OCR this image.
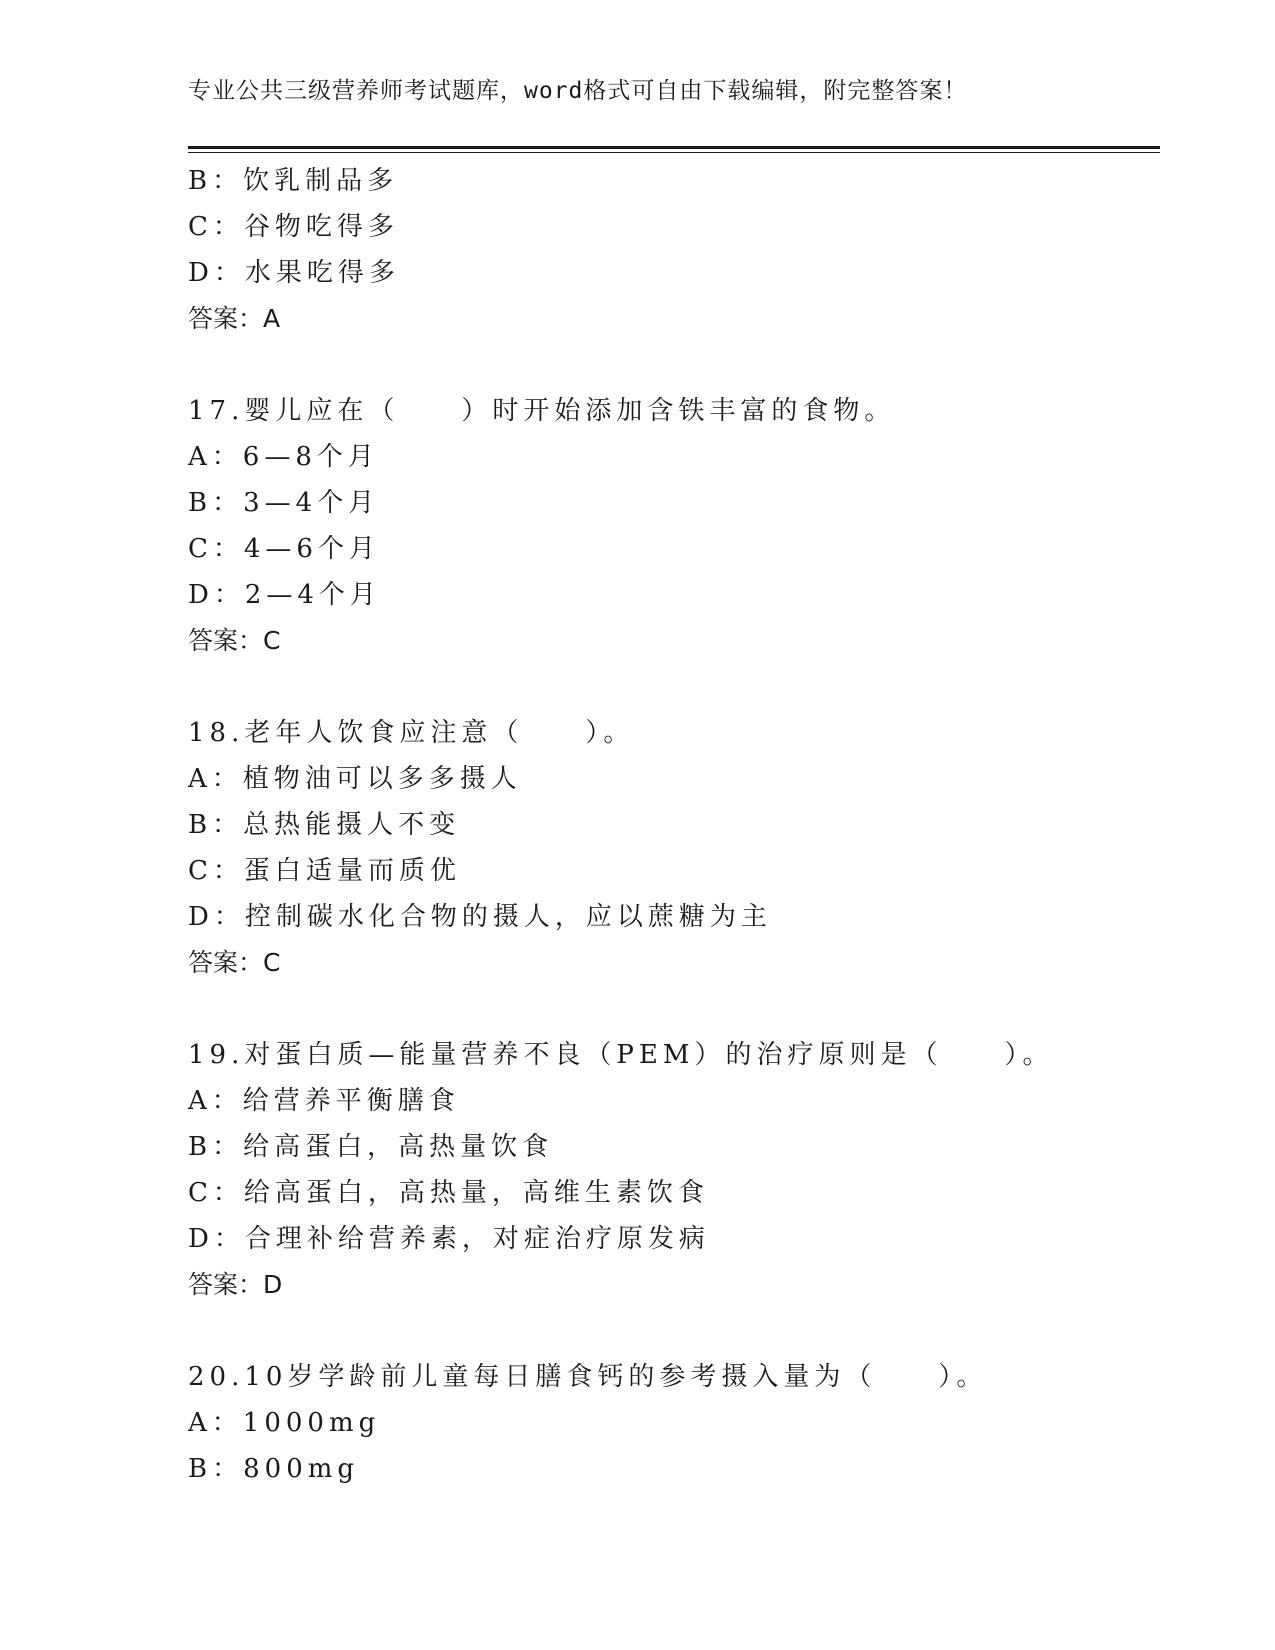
专业公共三级营养师考试题库，word格式可自由下载编辑，附完整答案！
B：饮乳制品多
C：谷物吃得多
D：水果吃得多
答案：A
17.婴儿应在（　　）时开始添加含铁丰富的食物。
A：6—8个月
B：3—4个月
C：4—6个月
D：2—4个月
答案：C
18.老年人饮食应注意（　　）。
A：植物油可以多多摄人
B：总热能摄人不变
C：蛋白适量而质优
D：控制碳水化合物的摄人，应以蔗糖为主
答案：C
19.对蛋白质—能量营养不良（PEM）的治疗原则是（　　）。
A：给营养平衡膳食
B：给高蛋白，高热量饮食
C：给高蛋白，高热量，高维生素饮食
D：合理补给营养素，对症治疗原发病
答案：D
20.10岁学龄前儿童每日膳食钙的参考摄入量为（　　）。
A：1000mg
B：800mg
